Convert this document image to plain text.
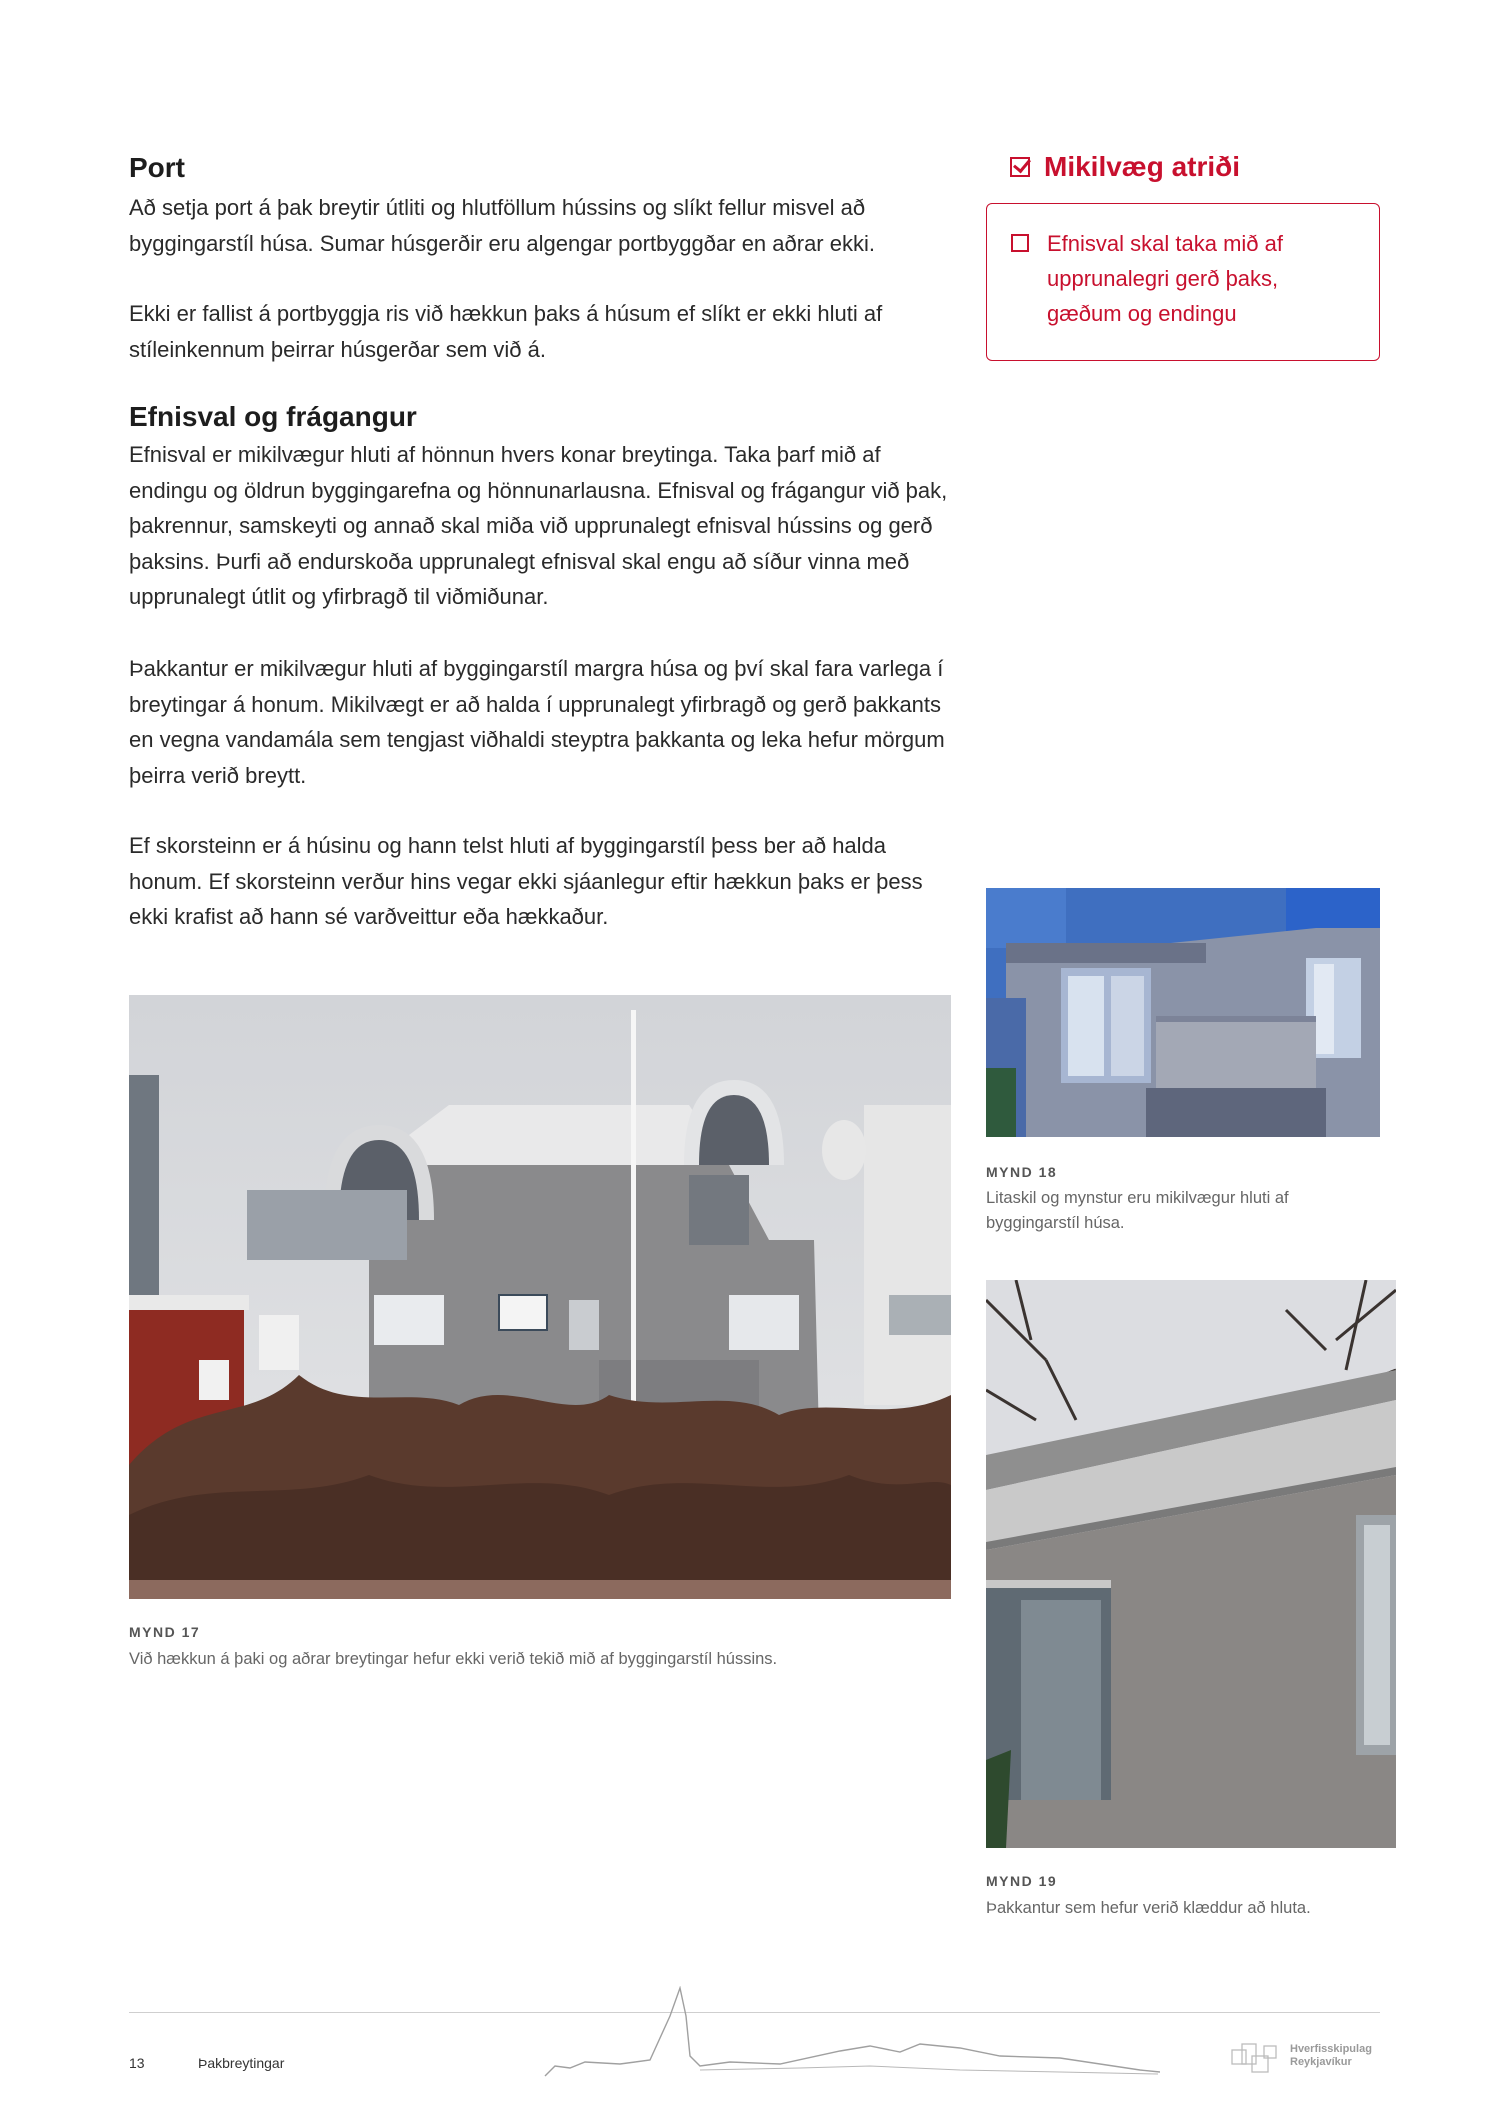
Port

Að setja port á þak breytir útliti og hlutföllum hússins og slíkt fellur misvel að byggingarstíl húsa. Sumar húsgerðir eru algengar portbyggðar en aðrar ekki.

Ekki er fallist á portbyggja ris við hækkun þaks á húsum ef slíkt er ekki hluti af stíleinkennum þeirrar húsgerðar sem við á.

Efnisval og frágangur

Efnisval er mikilvægur hluti af hönnun hvers konar breytinga. Taka þarf mið af endingu og öldrun byggingarefna og hönnunarlausna. Efnisval og frágangur við þak, þakrennur, samskeyti og annað skal miða við upprunalegt efnisval hússins og gerð þaksins. Þurfi að endurskoða upprunalegt efnisval skal engu að síður vinna með upprunalegt útlit og yfirbragð til viðmiðunar.

Þakkantur er mikilvægur hluti af byggingarstíl margra húsa og því skal fara varlega í breytingar á honum. Mikilvægt er að halda í upprunalegt yfirbragð og gerð þakkants en vegna vandamála sem tengjast viðhaldi steyptra þakkanta og leka hefur mörgum þeirra verið breytt.

Ef skorsteinn er á húsinu og hann telst hluti af byggingarstíl þess ber að halda honum. Ef skorsteinn verður hins vegar ekki sjáanlegur eftir hækkun þaks er þess ekki krafist að hann sé varðveittur eða hækkaður.

Mikilvæg atriði
Efnisval skal taka mið af upprunalegri gerð þaks, gæðum og endingu
MYND 17
Við hækkun á þaki og aðrar breytingar hefur ekki verið tekið mið af byggingarstíl hússins.
MYND 18
Litaskil og mynstur eru mikilvægur hluti af byggingarstíl húsa.
MYND 19
Þakkantur sem hefur verið klæddur að hluta.
13	Þakbreytingar
Hverfisskipulag
Reykjavíkur
